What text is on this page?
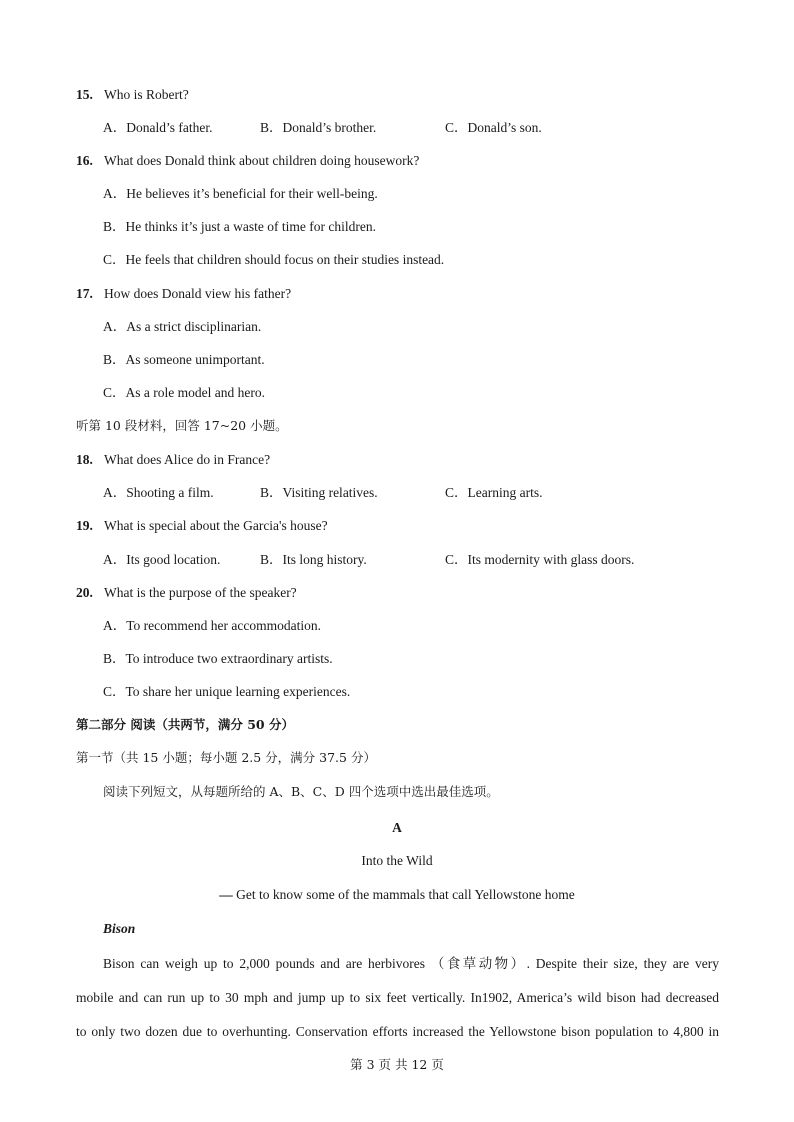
15. Who is Robert?
A．Donald’s father.	B．Donald’s brother.	C．Donald’s son.
16. What does Donald think about children doing housework?
A．He believes it’s beneficial for their well-being.
B．He thinks it’s just a waste of time for children.
C．He feels that children should focus on their studies instead.
17. How does Donald view his father?
A．As a strict disciplinarian.
B．As someone unimportant.
C．As a role model and hero.
听第 10 段材料，回答 17~20 小题。
18. What does Alice do in France?
A．Shooting a film.	B．Visiting relatives.	C．Learning arts.
19. What is special about the Garcia's house?
A．Its good location.	B．Its long history.	C．Its modernity with glass doors.
20. What is the purpose of the speaker?
A．To recommend her accommodation.
B．To introduce two extraordinary artists.
C．To share her unique learning experiences.
第二部分 阅读（共两节，满分 50 分）
第一节（共 15 小题；每小题 2.5 分，满分 37.5 分）
阅读下列短文，从每题所给的 A、B、C、D 四个选项中选出最佳选项。
A
Into the Wild
— Get to know some of the mammals that call Yellowstone home
Bison
Bison can weigh up to 2,000 pounds and are herbivores （食草动物）. Despite their size, they are very
mobile and can run up to 30 mph and jump up to six feet vertically. In1902, America’s wild bison had decreased
to only two dozen due to overhunting. Conservation efforts increased the Yellowstone bison population to 4,800 in
第 3 页 共 12 页
